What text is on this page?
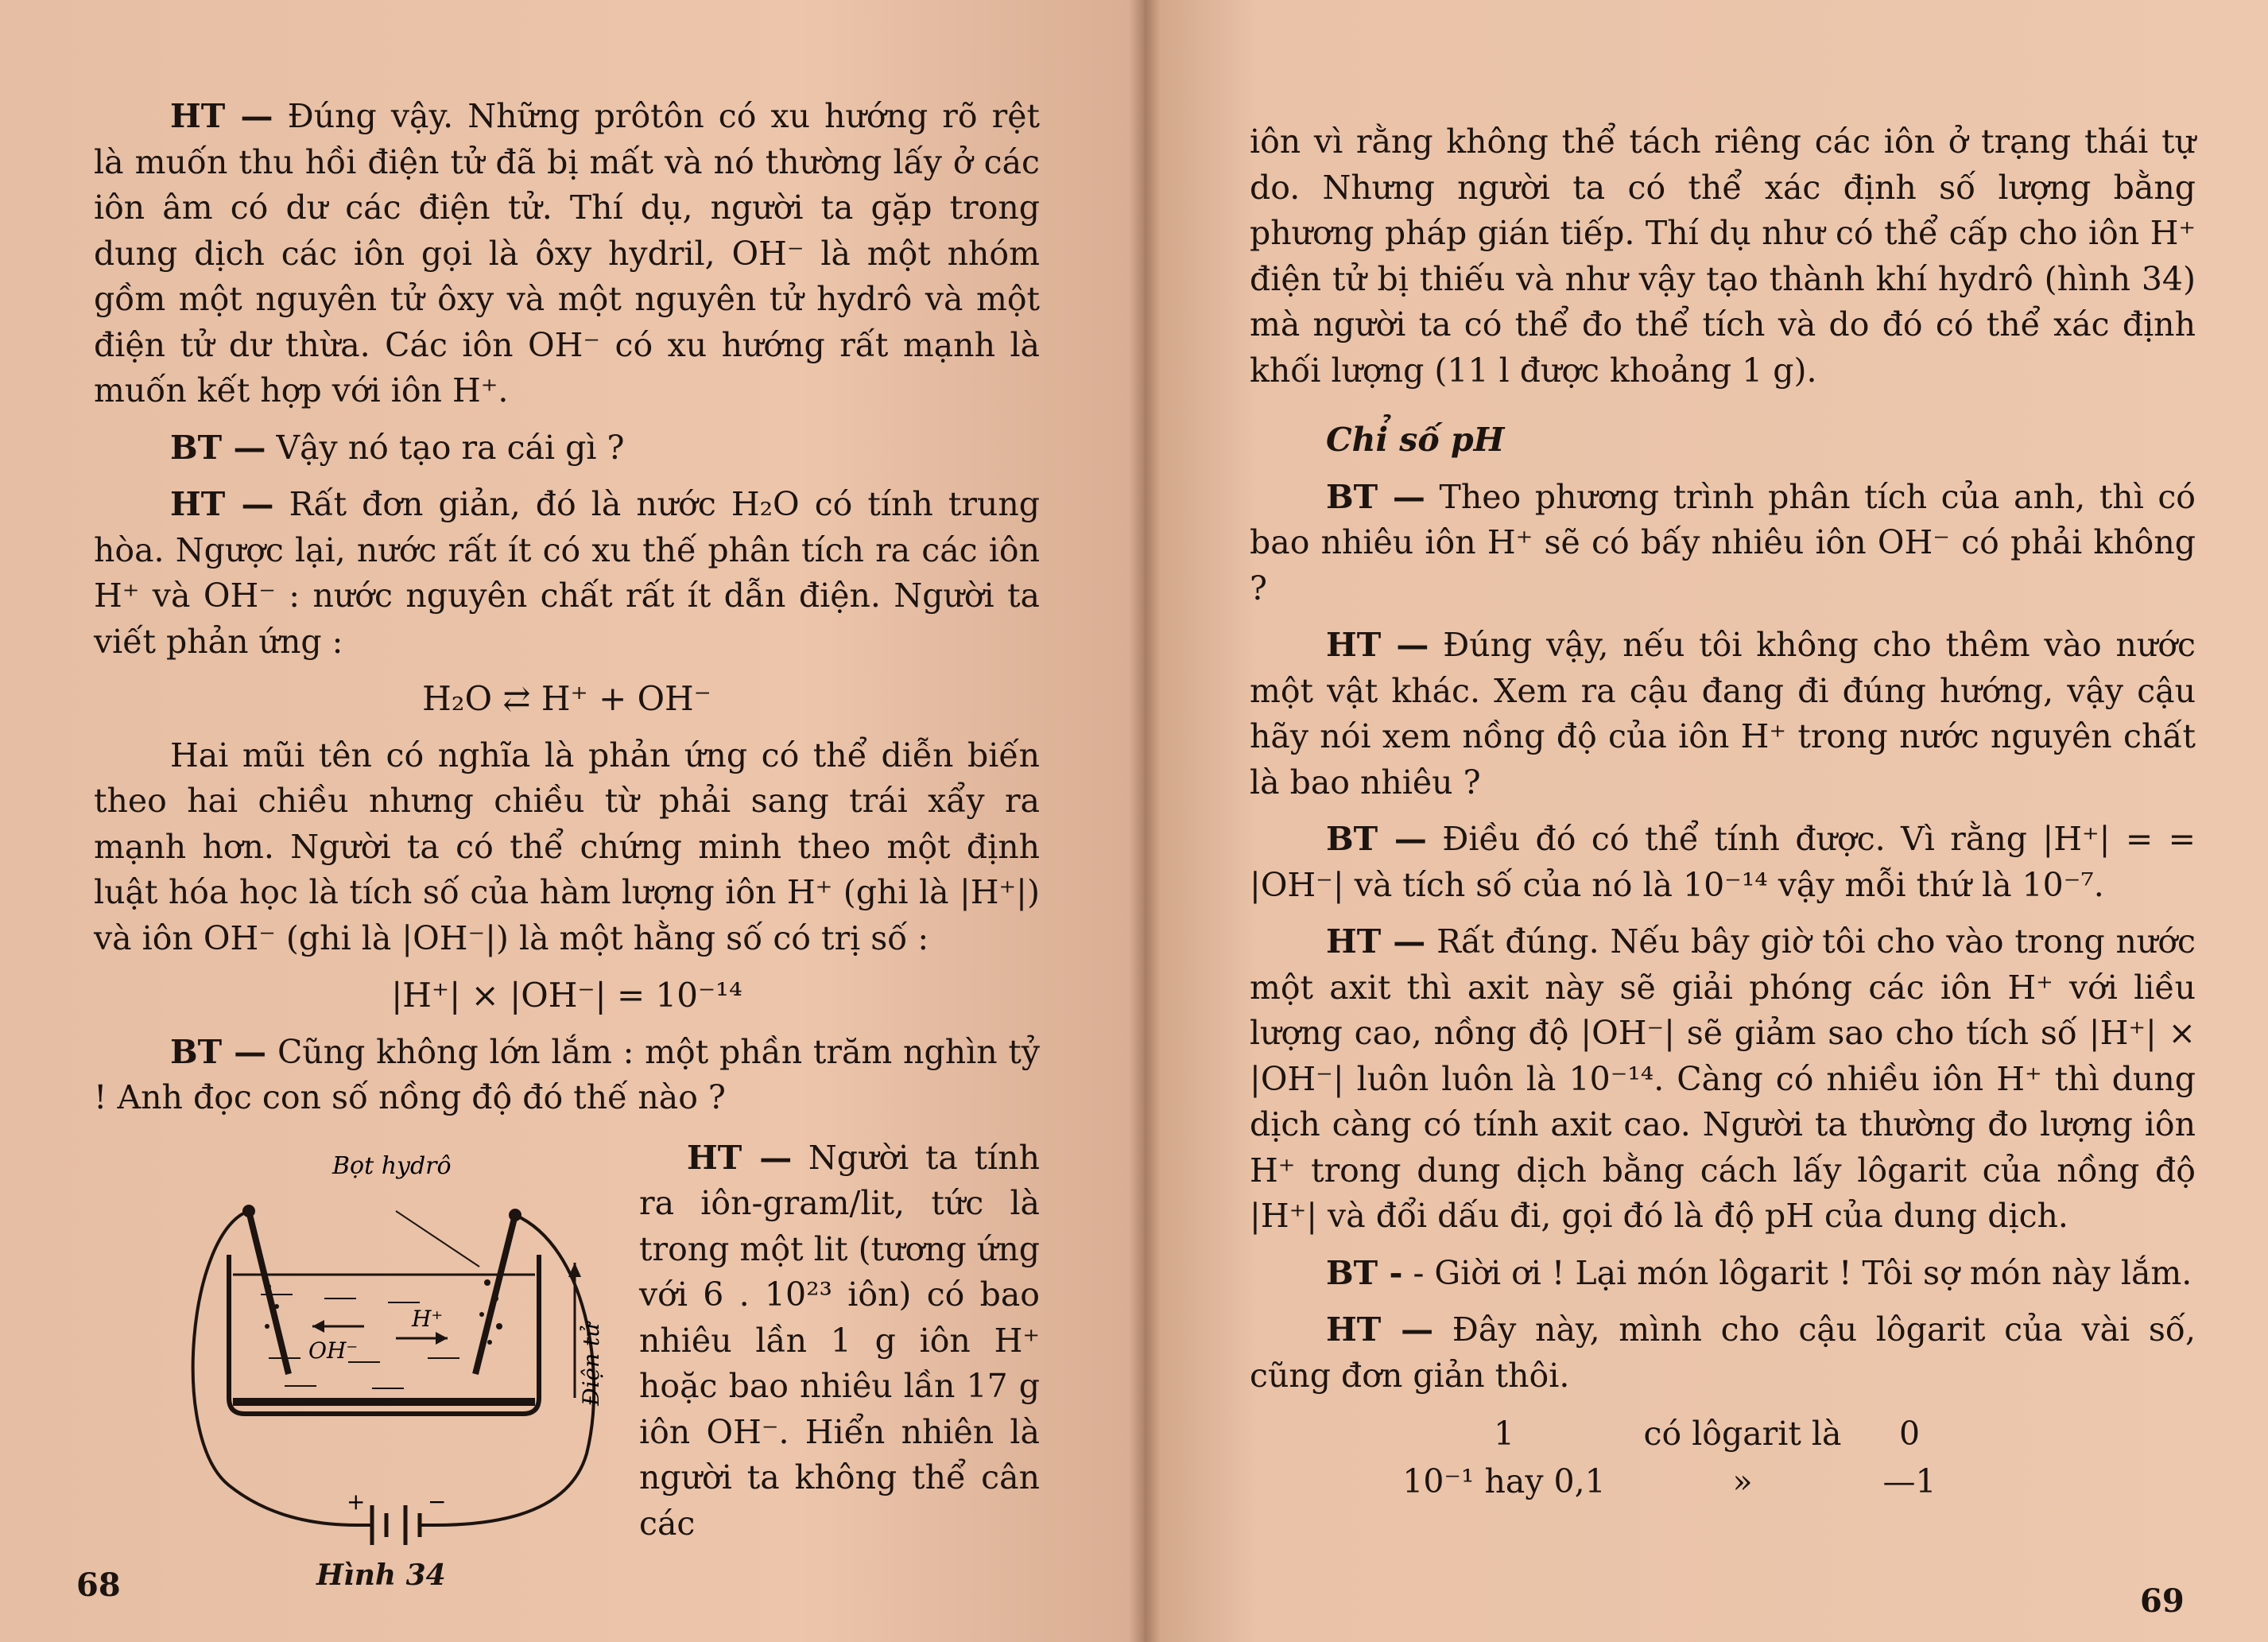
HT — Đúng vậy. Những prôtôn có xu hướng rõ rệt là muốn thu hồi điện tử đã bị mất và nó thường lấy ở các iôn âm có dư các điện tử. Thí dụ, người ta gặp trong dung dịch các iôn gọi là ôxy hydril, OH⁻ là một nhóm gồm một nguyên tử ôxy và một nguyên tử hydrô và một điện tử dư thừa. Các iôn OH⁻ có xu hướng rất mạnh là muốn kết hợp với iôn H⁺.

BT — Vậy nó tạo ra cái gì ?

HT — Rất đơn giản, đó là nước H₂O có tính trung hòa. Ngược lại, nước rất ít có xu thế phân tích ra các iôn H⁺ và OH⁻ : nước nguyên chất rất ít dẫn điện. Người ta viết phản ứng :

H₂O ⇄ H⁺ + OH⁻

Hai mũi tên có nghĩa là phản ứng có thể diễn biến theo hai chiều nhưng chiều từ phải sang trái xẩy ra mạnh hơn. Người ta có thể chứng minh theo một định luật hóa học là tích số của hàm lượng iôn H⁺ (ghi là |H⁺|) và iôn OH⁻ (ghi là |OH⁻|) là một hằng số có trị số :

|H⁺| × |OH⁻| = 10⁻¹⁴

BT — Cũng không lớn lắm : một phần trăm nghìn tỷ ! Anh đọc con số nồng độ đó thế nào ?

Bọt hydrô
OH⁻
H⁺
Điện tử
+	−
Hình 34

HT — Người ta tính ra iôn-gram/lit, tức là trong một lit (tương ứng với 6 . 10²³ iôn) có bao nhiêu lần 1 g iôn H⁺ hoặc bao nhiêu lần 17 g iôn OH⁻. Hiển nhiên là người ta không thể cân các

68

iôn vì rằng không thể tách riêng các iôn ở trạng thái tự do. Nhưng người ta có thể xác định số lượng bằng phương pháp gián tiếp. Thí dụ như có thể cấp cho iôn H⁺ điện tử bị thiếu và như vậy tạo thành khí hydrô (hình 34) mà người ta có thể đo thể tích và do đó có thể xác định khối lượng (11 l được khoảng 1 g).

Chỉ số pH

BT — Theo phương trình phân tích của anh, thì có bao nhiêu iôn H⁺ sẽ có bấy nhiêu iôn OH⁻ có phải không ?

HT — Đúng vậy, nếu tôi không cho thêm vào nước một vật khác. Xem ra cậu đang đi đúng hướng, vậy cậu hãy nói xem nồng độ của iôn H⁺ trong nước nguyên chất là bao nhiêu ?

BT — Điều đó có thể tính được. Vì rằng |H⁺| = = |OH⁻| và tích số của nó là 10⁻¹⁴ vậy mỗi thứ là 10⁻⁷.

HT — Rất đúng. Nếu bây giờ tôi cho vào trong nước một axit thì axit này sẽ giải phóng các iôn H⁺ với liều lượng cao, nồng độ |OH⁻| sẽ giảm sao cho tích số |H⁺| × |OH⁻| luôn luôn là 10⁻¹⁴. Càng có nhiều iôn H⁺ thì dung dịch càng có tính axit cao. Người ta thường đo lượng iôn H⁺ trong dung dịch bằng cách lấy lôgarit của nồng độ |H⁺| và đổi dấu đi, gọi đó là độ pH của dung dịch.

BT - - Giời ơi ! Lại món lôgarit ! Tôi sợ món này lắm.

HT — Đây này, mình cho cậu lôgarit của vài số, cũng đơn giản thôi.

1	có lôgarit là	0
10⁻¹ hay 0,1	»	—1
69
